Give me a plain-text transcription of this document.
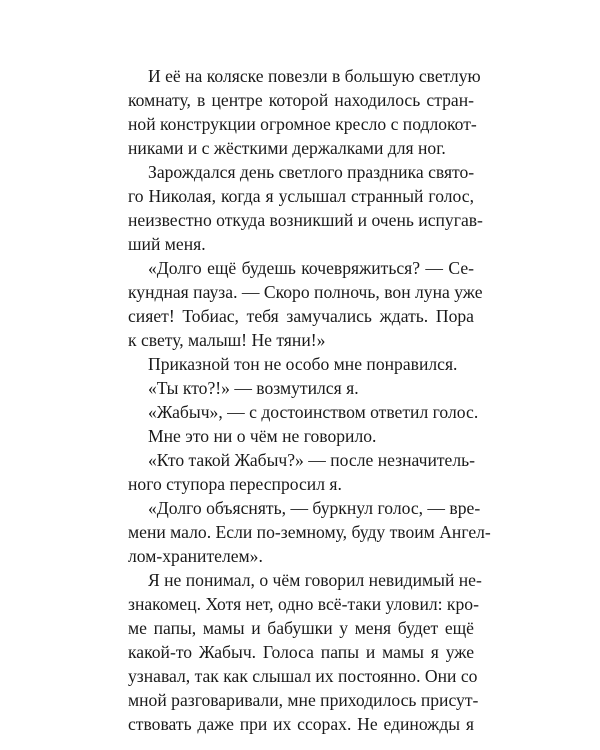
И её на коляске повезли в большую светлую
комнату, в центре которой находилось стран-
ной конструкции огромное кресло с подлокот-
никами и с жёсткими держалками для ног.
Зарождался день светлого праздника свято-
го Николая, когда я услышал странный голос,
неизвестно откуда возникший и очень испугав-
ший меня.
«Долго ещё будешь кочевряжиться? — Се-
кундная пауза. — Скоро полночь, вон луна уже
сияет! Тобиас, тебя замучались ждать. Пора
к свету, малыш! Не тяни!»
Приказной тон не особо мне понравился.
«Ты кто?!» — возмутился я.
«Жабыч», — с достоинством ответил голос.
Мне это ни о чём не говорило.
«Кто такой Жабыч?» — после незначитель-
ного ступора переспросил я.
«Долго объяснять, — буркнул голос, — вре-
мени мало. Если по-земному, буду твоим Ангел-
лом-хранителем».
Я не понимал, о чём говорил невидимый не-
знакомец. Хотя нет, одно всё-таки уловил: кро-
ме папы, мамы и бабушки у меня будет ещё
какой-то Жабыч. Голоса папы и мамы я уже
узнавал, так как слышал их постоянно. Они со
мной разговаривали, мне приходилось присут-
ствовать даже при их ссорах. Не единожды я
